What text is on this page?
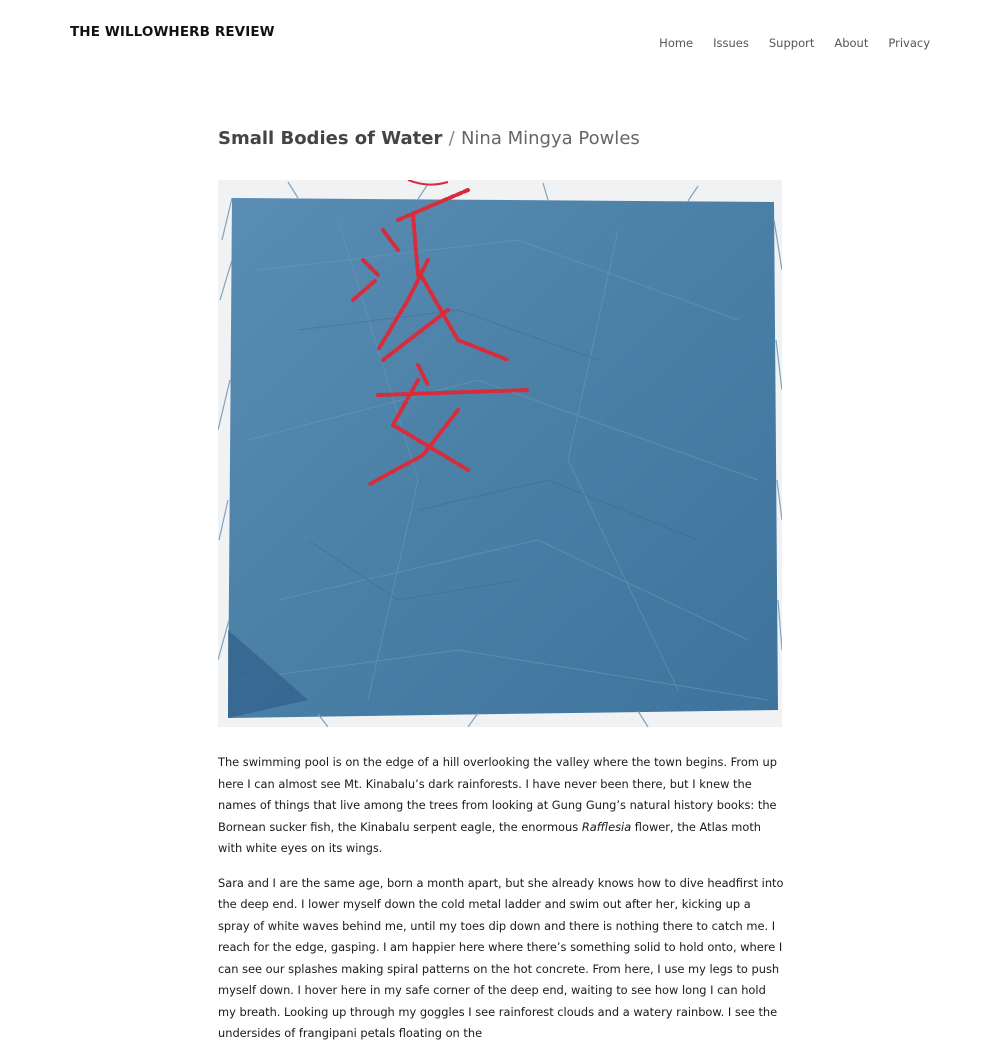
THE WILLOWHERB REVIEW
Home Issues Support About Privacy
Small Bodies of Water / Nina Mingya Powles

The swimming pool is on the edge of a hill overlooking the valley where the town begins. From up here I can almost see Mt. Kinabalu’s dark rainforests. I have never been there, but I knew the names of things that live among the trees from looking at Gung Gung’s natural history books: the Bornean sucker fish, the Kinabalu serpent eagle, the enormous Rafflesia flower, the Atlas moth with white eyes on its wings.

Sara and I are the same age, born a month apart, but she already knows how to dive headfirst into the deep end. I lower myself down the cold metal ladder and swim out after her, kicking up a spray of white waves behind me, until my toes dip down and there is nothing there to catch me. I reach for the edge, gasping. I am happier here where there’s something solid to hold onto, where I can see our splashes making spiral patterns on the hot concrete. From here, I use my legs to push myself down. I hover here in my safe corner of the deep end, waiting to see how long I can hold my breath. Looking up through my goggles I see rainforest clouds and a watery rainbow. I see the undersides of frangipani petals floating on the
